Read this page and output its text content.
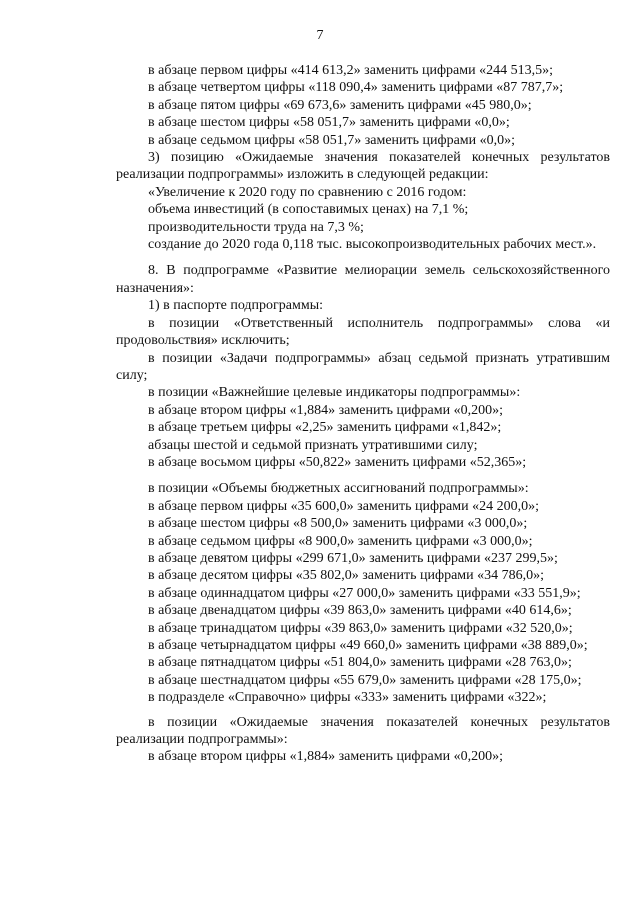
7

в абзаце первом цифры «414 613,2» заменить цифрами «244 513,5»;

в абзаце четвертом цифры «118 090,4» заменить цифрами «87 787,7»;

в абзаце пятом цифры «69 673,6» заменить цифрами «45 980,0»;

в абзаце шестом цифры «58 051,7» заменить цифрами «0,0»;

в абзаце седьмом цифры «58 051,7» заменить цифрами «0,0»;

3) позицию «Ожидаемые значения показателей конечных результатов реализации подпрограммы» изложить в следующей редакции:

«Увеличение к 2020 году по сравнению с 2016 годом:

объема инвестиций (в сопоставимых ценах) на 7,1 %;

производительности труда на 7,3 %;

создание до 2020 года 0,118 тыс. высокопроизводительных рабочих мест.».

8. В подпрограмме «Развитие мелиорации земель сельскохозяйственного назначения»:

1) в паспорте подпрограммы:

в позиции «Ответственный исполнитель подпрограммы» слова «и продовольствия» исключить;

в позиции «Задачи подпрограммы» абзац седьмой признать утратившим силу;

в позиции «Важнейшие целевые индикаторы подпрограммы»:

в абзаце втором цифры «1,884» заменить цифрами «0,200»;

в абзаце третьем цифры «2,25» заменить цифрами «1,842»;

абзацы шестой и седьмой признать утратившими силу;

в абзаце восьмом цифры «50,822» заменить цифрами «52,365»;

в позиции «Объемы бюджетных ассигнований подпрограммы»:

в абзаце первом цифры «35 600,0» заменить цифрами «24 200,0»;

в абзаце шестом цифры «8 500,0» заменить цифрами «3 000,0»;

в абзаце седьмом цифры «8 900,0» заменить цифрами «3 000,0»;

в абзаце девятом цифры «299 671,0» заменить цифрами «237 299,5»;

в абзаце десятом цифры «35 802,0» заменить цифрами «34 786,0»;

в абзаце одиннадцатом цифры «27 000,0» заменить цифрами «33 551,9»;

в абзаце двенадцатом цифры «39 863,0» заменить цифрами «40 614,6»;

в абзаце тринадцатом цифры «39 863,0» заменить цифрами «32 520,0»;

в абзаце четырнадцатом цифры «49 660,0» заменить цифрами «38 889,0»;

в абзаце пятнадцатом цифры «51 804,0» заменить цифрами «28 763,0»;

в абзаце шестнадцатом цифры «55 679,0» заменить цифрами «28 175,0»;

в подразделе «Справочно» цифры «333» заменить цифрами «322»;

в позиции «Ожидаемые значения показателей конечных результатов реализации подпрограммы»:

в абзаце втором цифры «1,884» заменить цифрами «0,200»;
